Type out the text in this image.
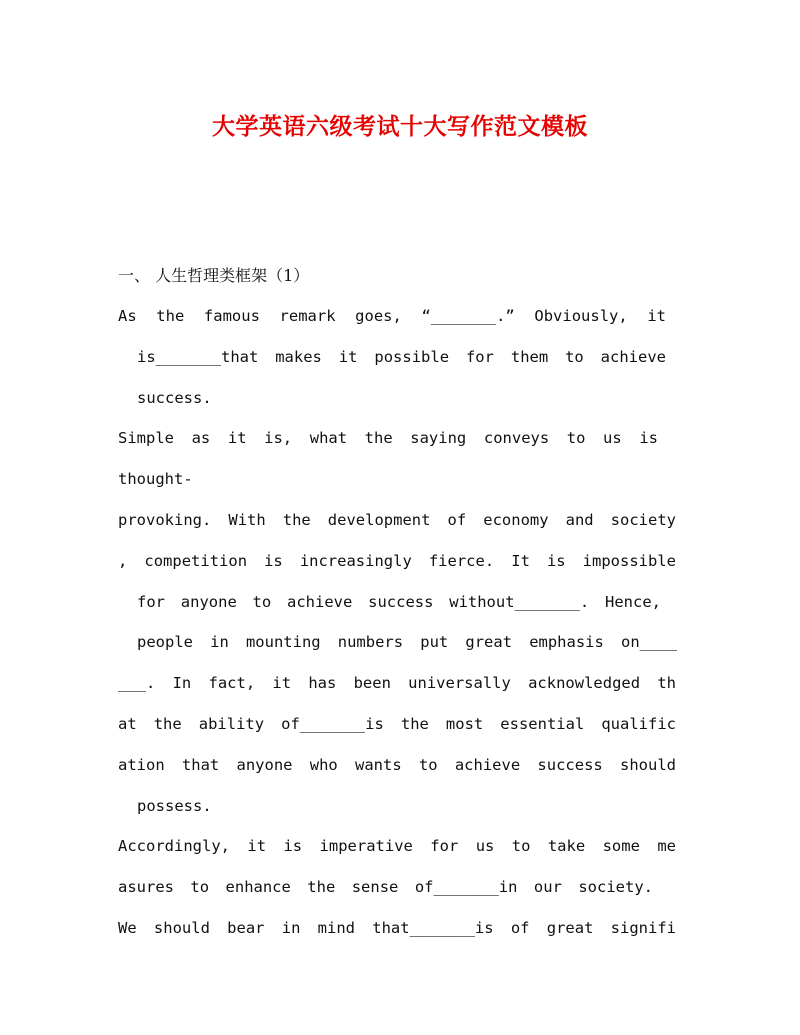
大学英语六级考试十大写作范文模板
一、 人生哲理类框架（1）
As the famous remark goes, “_______.” Obviously, it
is_______that makes it possible for them to achieve
success.
Simple as it is, what the saying conveys to us is
thought-
provoking. With the development of economy and society
, competition is increasingly fierce. It is impossible
for anyone to achieve success without_______. Hence,
people in mounting numbers put great emphasis on____
___. In fact, it has been universally acknowledged th
at the ability of_______is the most essential qualific
ation that anyone who wants to achieve success should
possess.
Accordingly, it is imperative for us to take some me
asures to enhance the sense of_______in our society.
We should bear in mind that_______is of great signifi
